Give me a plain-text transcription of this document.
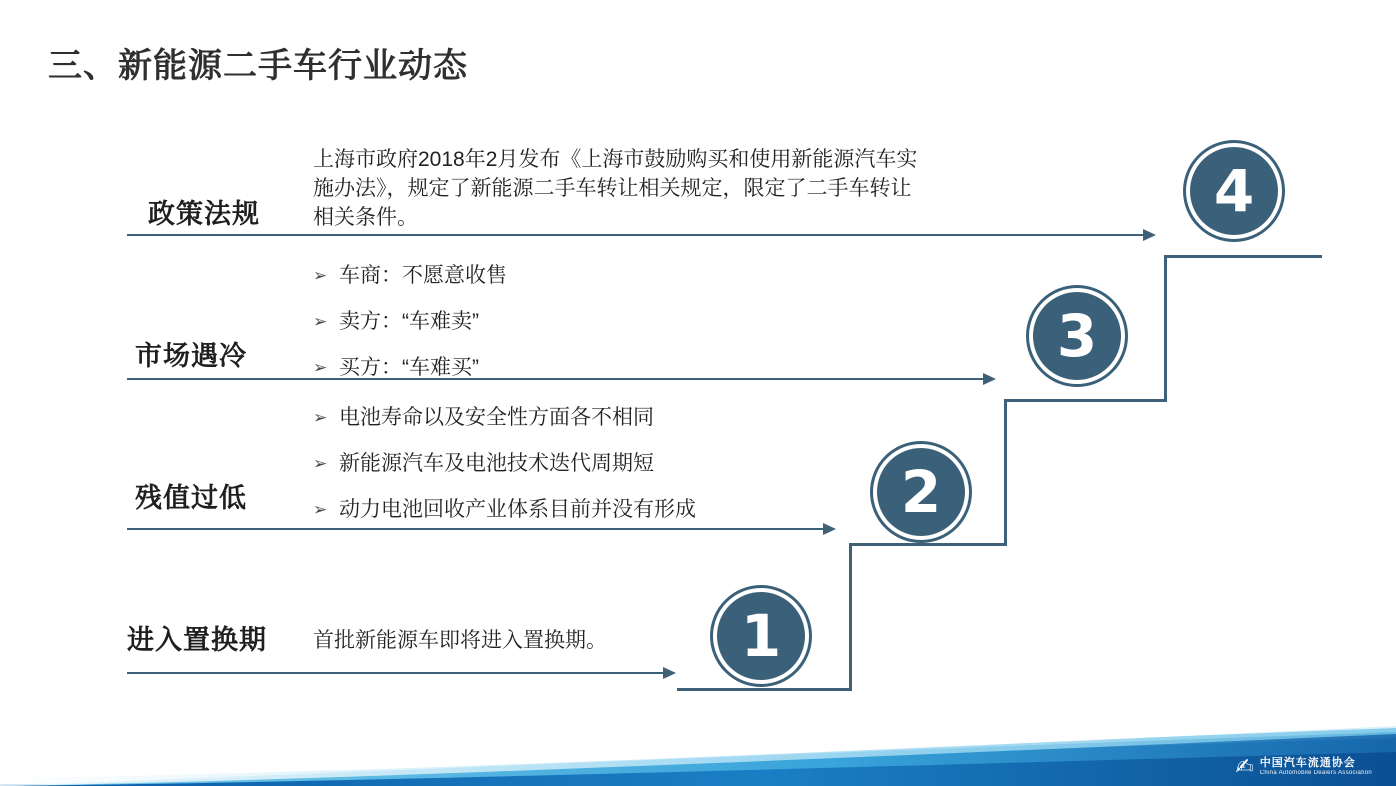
三、新能源二手车行业动态
政策法规
上海市政府2018年2月发布《上海市鼓励购买和使用新能源汽车实施办法》，规定了新能源二手车转让相关规定，限定了二手车转让相关条件。	4
市场遇冷
➢ 车商：不愿意收售
➢ 卖方：“车难卖”
➢ 买方：“车难买”	3
残值过低
➢ 电池寿命以及安全性方面各不相同
➢ 新能源汽车及电池技术迭代周期短
➢ 动力电池回收产业体系目前并没有形成	2
进入置换期 首批新能源车即将进入置换期。	1
✍ 中国汽车流通协会
China Automobile Dealers Association
